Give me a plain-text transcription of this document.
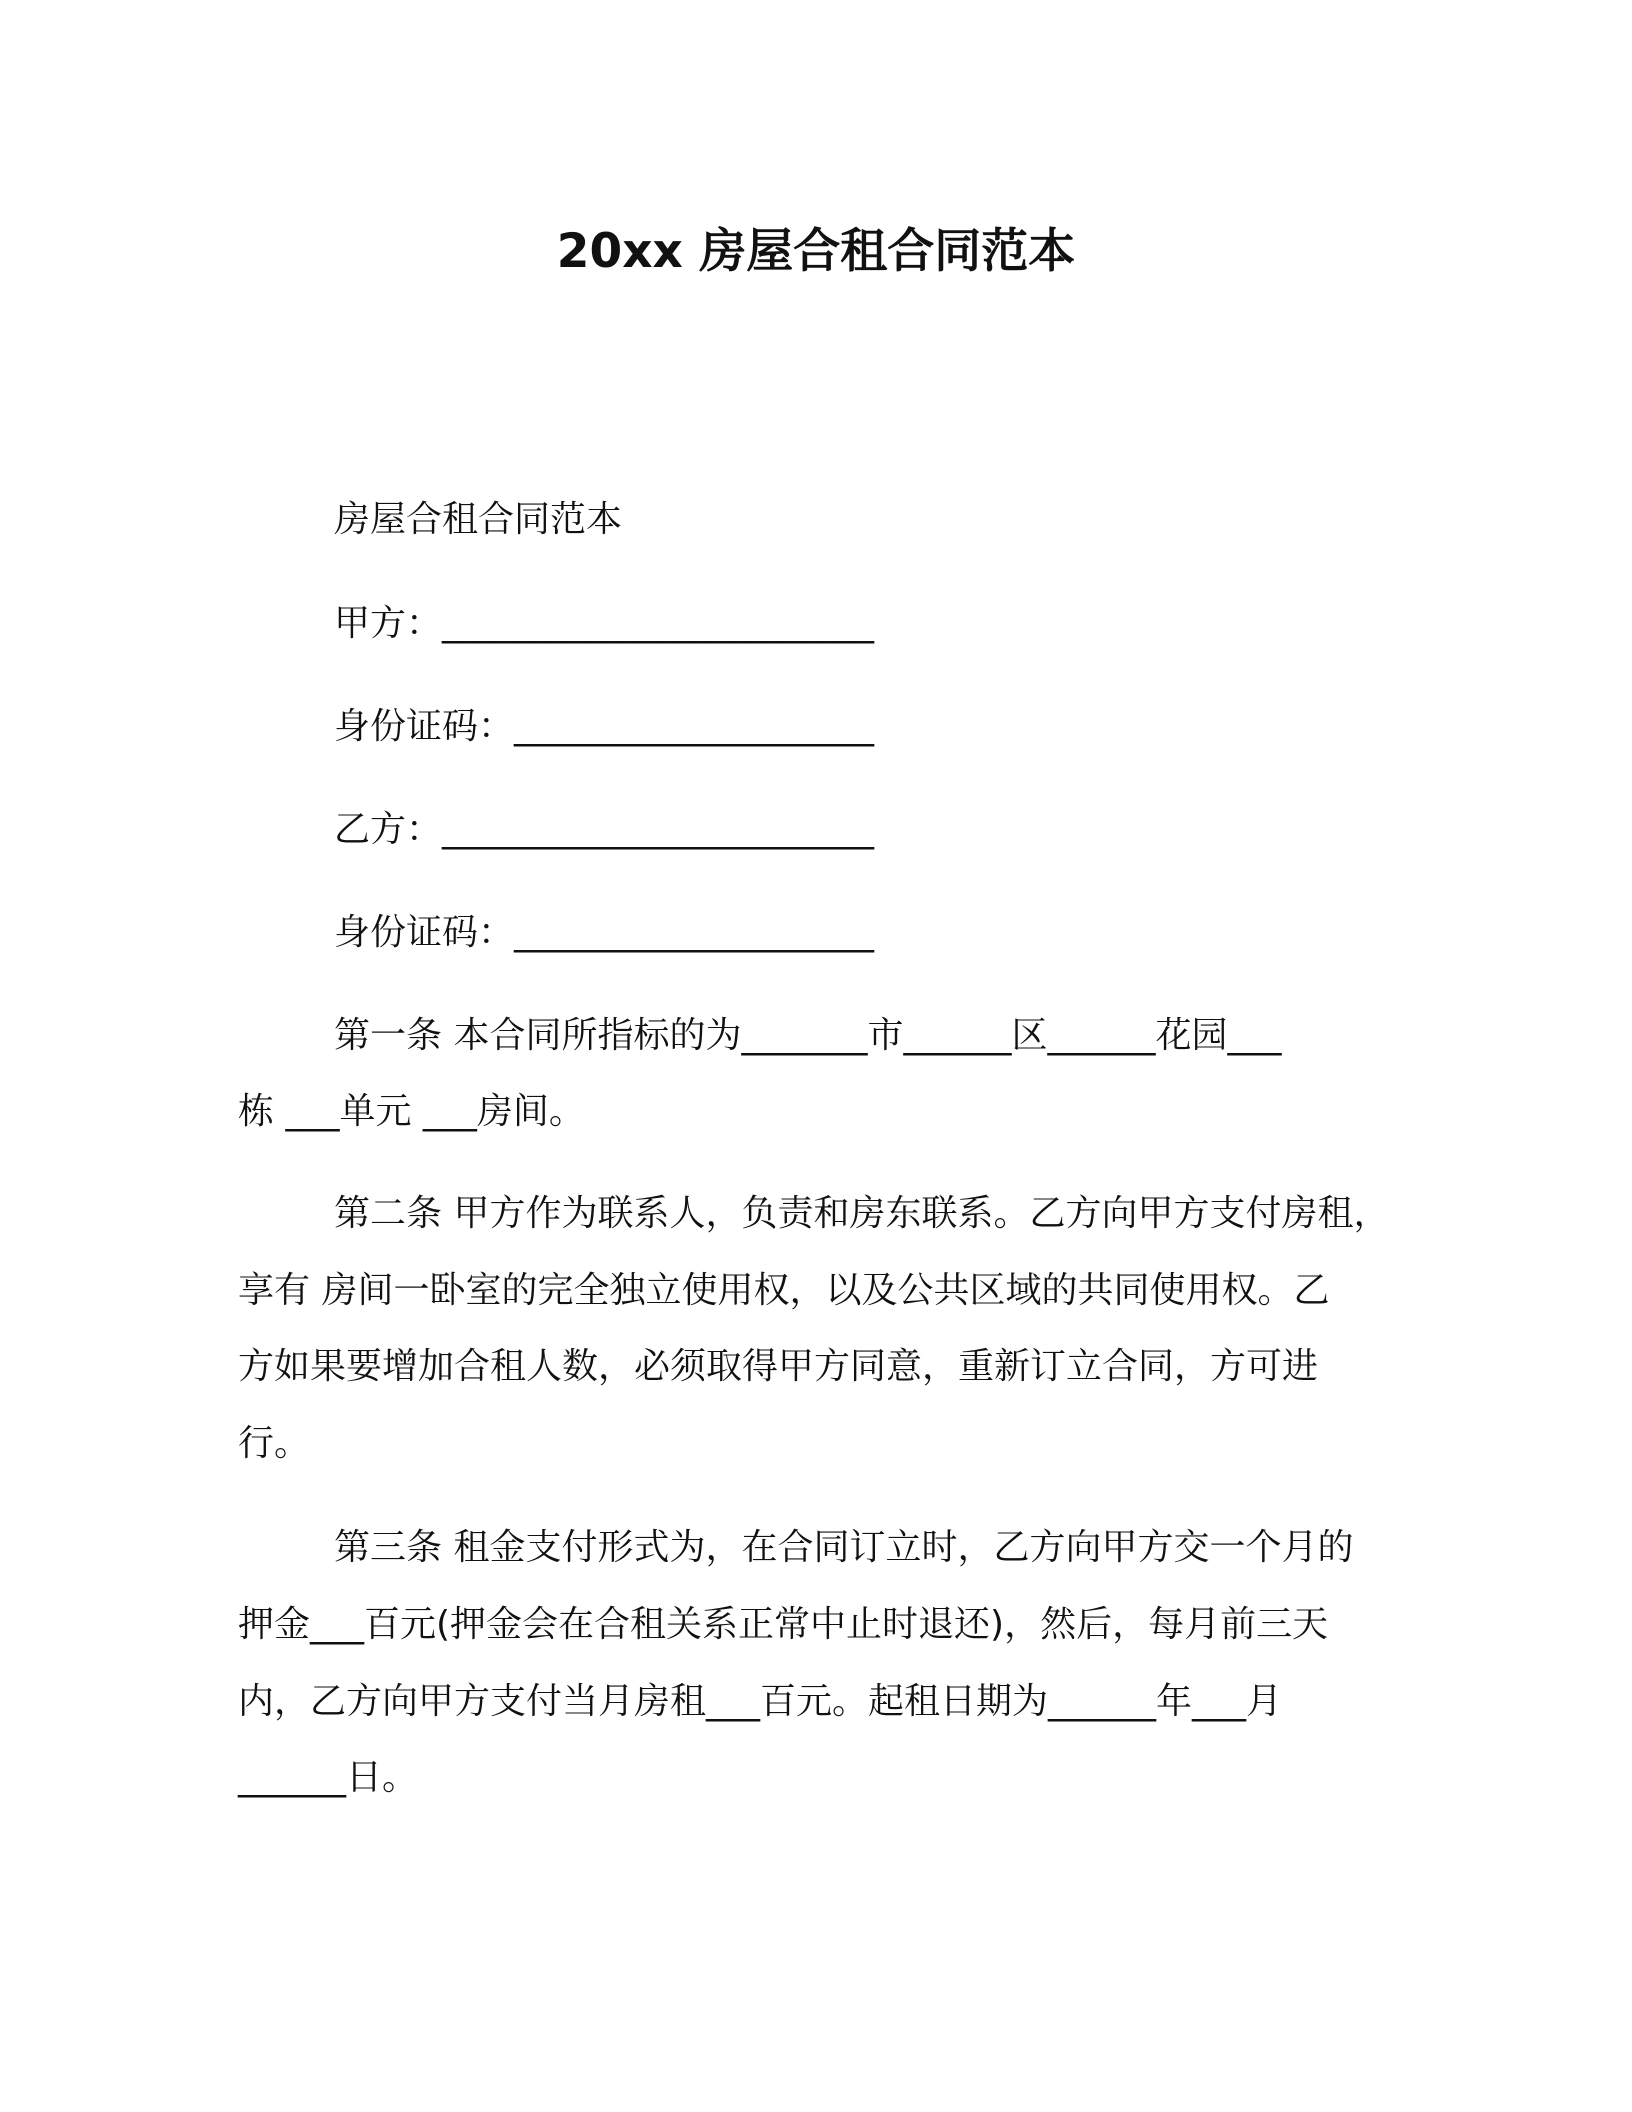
20xx 房屋合租合同范本
房屋合租合同范本
甲方：________________________
身份证码：____________________
乙方：________________________
身份证码：____________________
第一条 本合同所指标的为_______市______区______花园___
栋 ___单元 ___房间。
第二条 甲方作为联系人，负责和房东联系。乙方向甲方支付房租，
享有 房间一卧室的完全独立使用权，以及公共区域的共同使用权。乙
方如果要增加合租人数，必须取得甲方同意，重新订立合同，方可进
行。
第三条 租金支付形式为，在合同订立时，乙方向甲方交一个月的
押金___百元(押金会在合租关系正常中止时退还)，然后，每月前三天
内，乙方向甲方支付当月房租___百元。起租日期为______年___月
______日。
